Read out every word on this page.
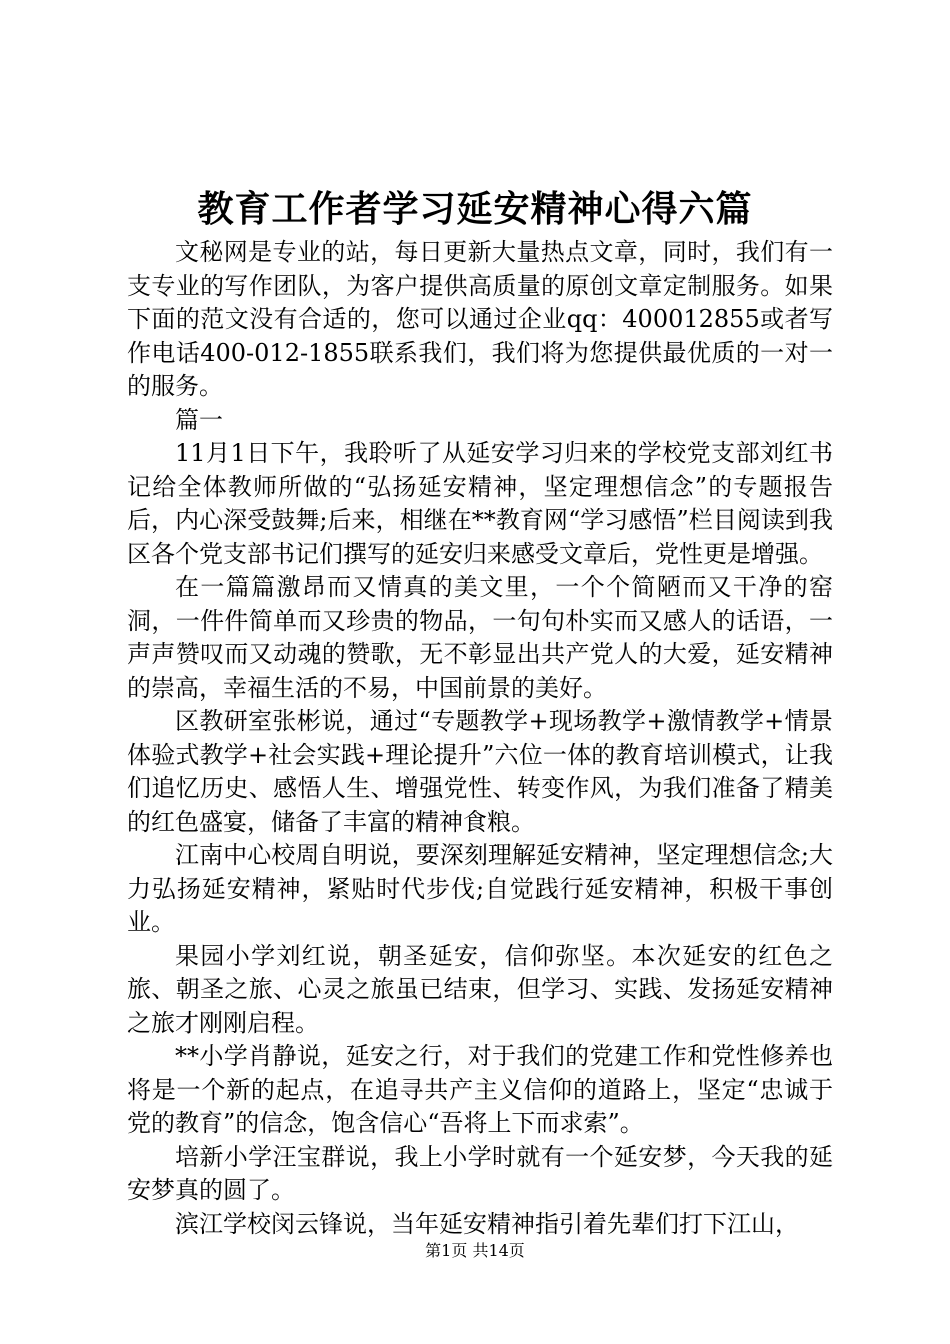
教育工作者学习延安精神心得六篇

文秘网是专业的站，每日更新大量热点文章，同时，我们有一支专业的写作团队，为客户提供高质量的原创文章定制服务。如果下面的范文没有合适的，您可以通过企业qq：400012855或者写作电话400-012-1855联系我们，我们将为您提供最优质的一对一的服务。

篇一

11月1日下午，我聆听了从延安学习归来的学校党支部刘红书记给全体教师所做的“弘扬延安精神，坚定理想信念”的专题报告后，内心深受鼓舞;后来，相继在**教育网“学习感悟”栏目阅读到我区各个党支部书记们撰写的延安归来感受文章后，党性更是增强。

在一篇篇激昂而又情真的美文里，一个个简陋而又干净的窑洞，一件件简单而又珍贵的物品，一句句朴实而又感人的话语，一声声赞叹而又动魂的赞歌，无不彰显出共产党人的大爱，延安精神的崇高，幸福生活的不易，中国前景的美好。

区教研室张彬说，通过“专题教学+现场教学+激情教学+情景体验式教学+社会实践+理论提升”六位一体的教育培训模式，让我们追忆历史、感悟人生、增强党性、转变作风，为我们准备了精美的红色盛宴，储备了丰富的精神食粮。

江南中心校周自明说，要深刻理解延安精神，坚定理想信念;大力弘扬延安精神，紧贴时代步伐;自觉践行延安精神，积极干事创业。

果园小学刘红说，朝圣延安，信仰弥坚。本次延安的红色之旅、朝圣之旅、心灵之旅虽已结束，但学习、实践、发扬延安精神之旅才刚刚启程。

**小学肖静说，延安之行，对于我们的党建工作和党性修养也将是一个新的起点，在追寻共产主义信仰的道路上，坚定“忠诚于党的教育”的信念，饱含信心“吾将上下而求索”。

培新小学汪宝群说，我上小学时就有一个延安梦，今天我的延安梦真的圆了。

滨江学校闵云锋说，当年延安精神指引着先辈们打下江山，

第1页 共14页
